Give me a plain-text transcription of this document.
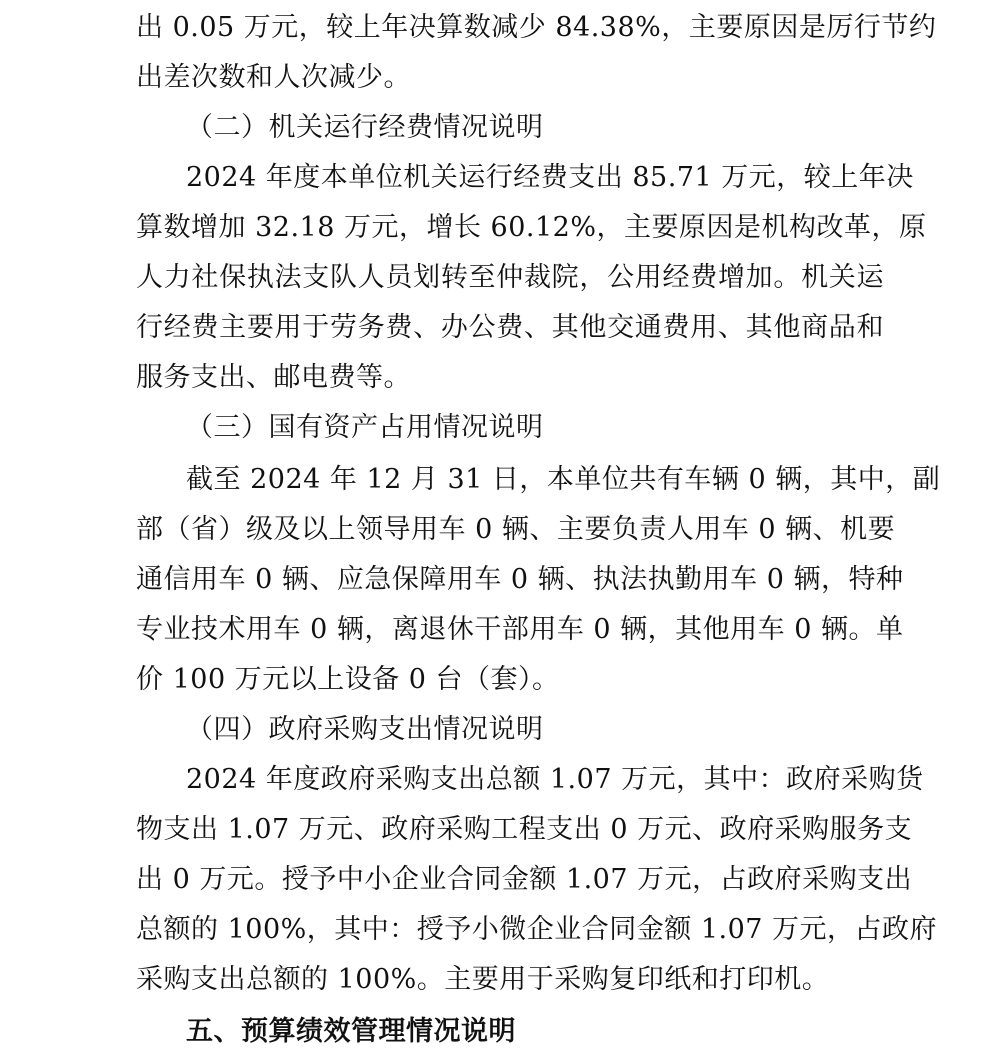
出 0.05 万元，较上年决算数减少 84.38%，主要原因是厉行节约
出差次数和人次减少。
（二）机关运行经费情况说明
2024 年度本单位机关运行经费支出 85.71 万元，较上年决
算数增加 32.18 万元，增长 60.12%，主要原因是机构改革，原
人力社保执法支队人员划转至仲裁院，公用经费增加。机关运
行经费主要用于劳务费、办公费、其他交通费用、其他商品和
服务支出、邮电费等。
（三）国有资产占用情况说明
截至 2024 年 12 月 31 日，本单位共有车辆 0 辆，其中，副
部（省）级及以上领导用车 0 辆、主要负责人用车 0 辆、机要
通信用车 0 辆、应急保障用车 0 辆、执法执勤用车 0 辆，特种
专业技术用车 0 辆，离退休干部用车 0 辆，其他用车 0 辆。单
价 100 万元以上设备 0 台（套）。
（四）政府采购支出情况说明
2024 年度政府采购支出总额 1.07 万元，其中：政府采购货
物支出 1.07 万元、政府采购工程支出 0 万元、政府采购服务支
出 0 万元。授予中小企业合同金额 1.07 万元，占政府采购支出
总额的 100%，其中：授予小微企业合同金额 1.07 万元，占政府
采购支出总额的 100%。主要用于采购复印纸和打印机。
五、预算绩效管理情况说明
